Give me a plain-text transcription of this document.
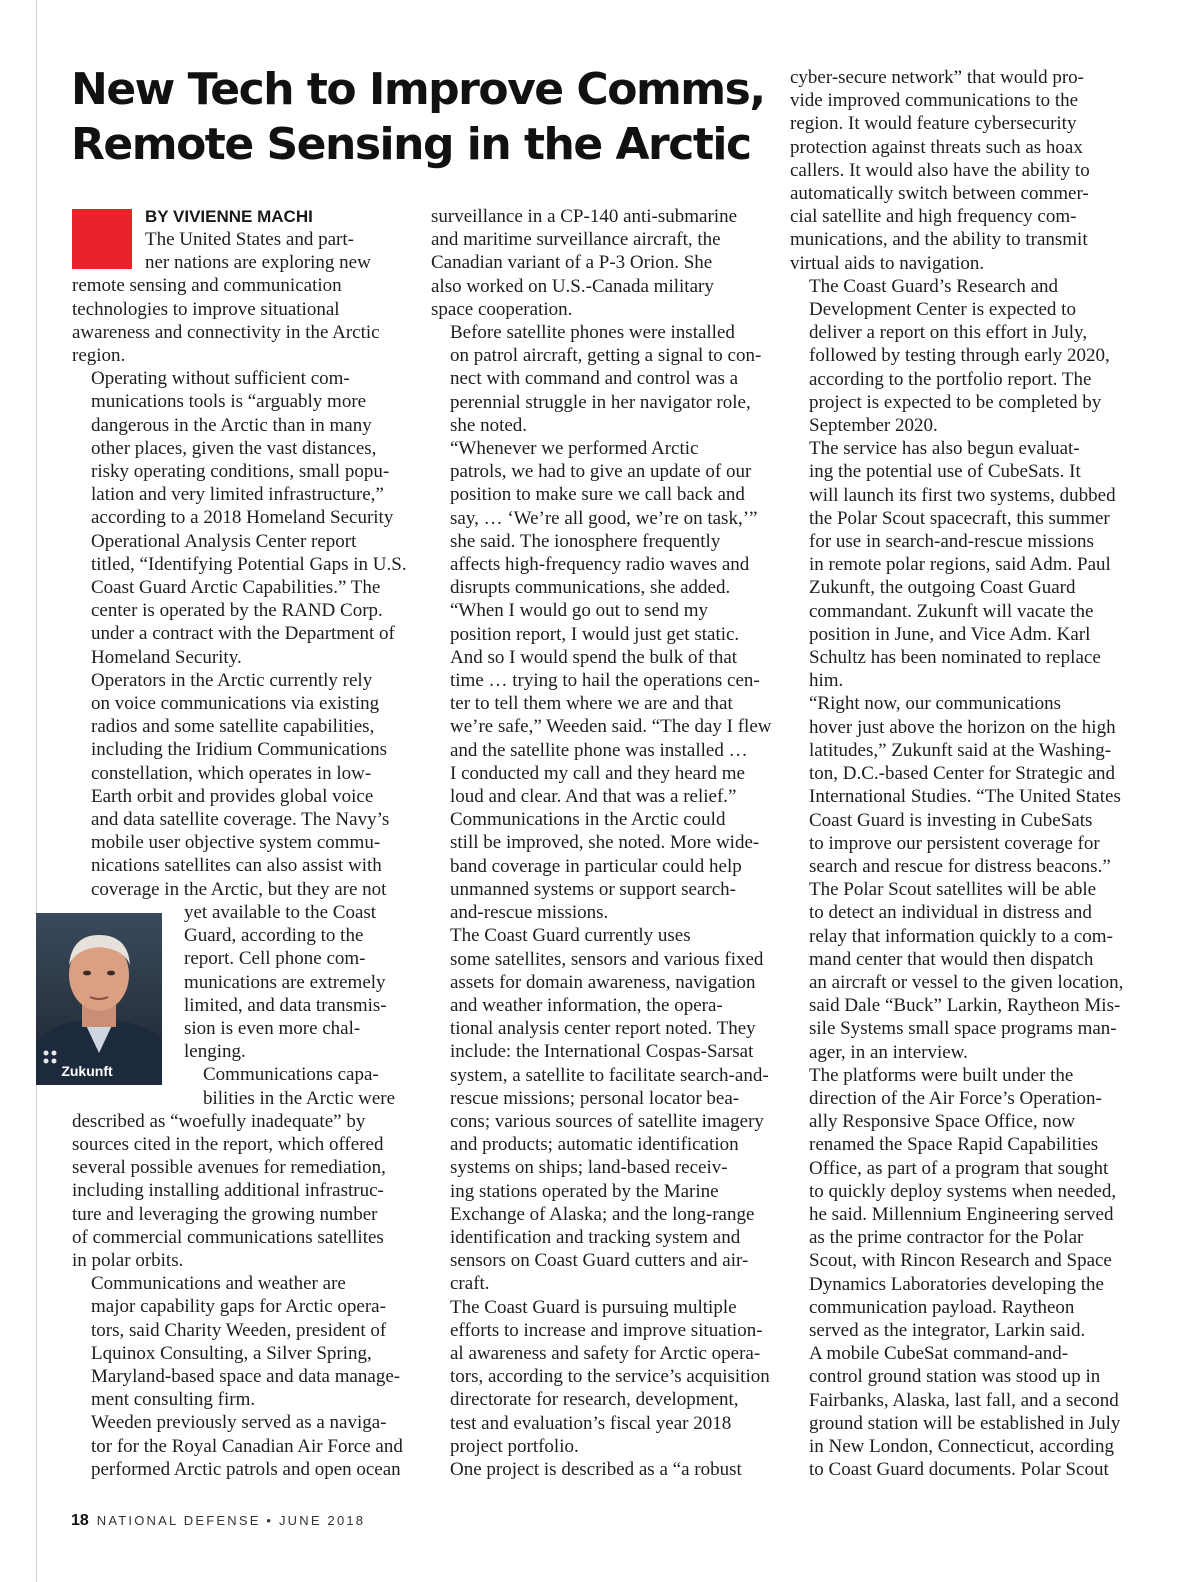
New Tech to Improve Comms,
Remote Sensing in the Arctic
BY VIVIENNE MACHI

The United States and part-
ner nations are exploring new
remote sensing and communication
technologies to improve situational
awareness and connectivity in the Arctic
region.

Operating without sufficient com-
munications tools is “arguably more
dangerous in the Arctic than in many
other places, given the vast distances,
risky operating conditions, small popu-
lation and very limited infrastructure,”
according to a 2018 Homeland Security
Operational Analysis Center report
titled, “Identifying Potential Gaps in U.S.
Coast Guard Arctic Capabilities.” The
center is operated by the RAND Corp.
under a contract with the Department of
Homeland Security.

Operators in the Arctic currently rely
on voice communications via existing
radios and some satellite capabilities,
including the Iridium Communications
constellation, which operates in low-
Earth orbit and provides global voice
and data satellite coverage. The Navy’s
mobile user objective system commu-
nications satellites can also assist with
coverage in the Arctic, but they are not

yet available to the Coast
Guard, according to the
report. Cell phone com-
munications are extremely
limited, and data transmis-
sion is even more chal-
lenging.

Communications capa-
bilities in the Arctic were

described as “woefully inadequate” by
sources cited in the report, which offered
several possible avenues for remediation,
including installing additional infrastruc-
ture and leveraging the growing number
of commercial communications satellites
in polar orbits.

Communications and weather are
major capability gaps for Arctic opera-
tors, said Charity Weeden, president of
Lquinox Consulting, a Silver Spring,
Maryland-based space and data manage-
ment consulting firm.

Weeden previously served as a naviga-
tor for the Royal Canadian Air Force and
performed Arctic patrols and open ocean

surveillance in a CP-140 anti-submarine
and maritime surveillance aircraft, the
Canadian variant of a P-3 Orion. She
also worked on U.S.-Canada military
space cooperation.

Before satellite phones were installed
on patrol aircraft, getting a signal to con-
nect with command and control was a
perennial struggle in her navigator role,
she noted.

“Whenever we performed Arctic
patrols, we had to give an update of our
position to make sure we call back and
say, … ‘We’re all good, we’re on task,’”
she said. The ionosphere frequently
affects high-frequency radio waves and
disrupts communications, she added.

“When I would go out to send my
position report, I would just get static.
And so I would spend the bulk of that
time … trying to hail the operations cen-
ter to tell them where we are and that
we’re safe,” Weeden said. “The day I flew
and the satellite phone was installed …
I conducted my call and they heard me
loud and clear. And that was a relief.”

Communications in the Arctic could
still be improved, she noted. More wide-
band coverage in particular could help
unmanned systems or support search-
and-rescue missions.

The Coast Guard currently uses
some satellites, sensors and various fixed
assets for domain awareness, navigation
and weather information, the opera-
tional analysis center report noted. They
include: the International Cospas-Sarsat
system, a satellite to facilitate search-and-
rescue missions; personal locator bea-
cons; various sources of satellite imagery
and products; automatic identification
systems on ships; land-based receiv-
ing stations operated by the Marine
Exchange of Alaska; and the long-range
identification and tracking system and
sensors on Coast Guard cutters and air-
craft.

The Coast Guard is pursuing multiple
efforts to increase and improve situation-
al awareness and safety for Arctic opera-
tors, according to the service’s acquisition
directorate for research, development,
test and evaluation’s fiscal year 2018
project portfolio.

One project is described as a “a robust

cyber-secure network” that would pro-
vide improved communications to the
region. It would feature cybersecurity
protection against threats such as hoax
callers. It would also have the ability to
automatically switch between commer-
cial satellite and high frequency com-
munications, and the ability to transmit
virtual aids to navigation.

The Coast Guard’s Research and
Development Center is expected to
deliver a report on this effort in July,
followed by testing through early 2020,
according to the portfolio report. The
project is expected to be completed by
September 2020.

The service has also begun evaluat-
ing the potential use of CubeSats. It
will launch its first two systems, dubbed
the Polar Scout spacecraft, this summer
for use in search-and-rescue missions
in remote polar regions, said Adm. Paul
Zukunft, the outgoing Coast Guard
commandant. Zukunft will vacate the
position in June, and Vice Adm. Karl
Schultz has been nominated to replace
him.

“Right now, our communications
hover just above the horizon on the high
latitudes,” Zukunft said at the Washing-
ton, D.C.-based Center for Strategic and
International Studies. “The United States
Coast Guard is investing in CubeSats
to improve our persistent coverage for
search and rescue for distress beacons.”

The Polar Scout satellites will be able
to detect an individual in distress and
relay that information quickly to a com-
mand center that would then dispatch
an aircraft or vessel to the given location,
said Dale “Buck” Larkin, Raytheon Mis-
sile Systems small space programs man-
ager, in an interview.

The platforms were built under the
direction of the Air Force’s Operation-
ally Responsive Space Office, now
renamed the Space Rapid Capabilities
Office, as part of a program that sought
to quickly deploy systems when needed,
he said. Millennium Engineering served
as the prime contractor for the Polar
Scout, with Rincon Research and Space
Dynamics Laboratories developing the
communication payload. Raytheon
served as the integrator, Larkin said.

A mobile CubeSat command-and-
control ground station was stood up in
Fairbanks, Alaska, last fall, and a second
ground station will be established in July
in New London, Connecticut, according
to Coast Guard documents. Polar Scout

Zukunft
18 NATIONAL DEFENSE • JUNE 2018
